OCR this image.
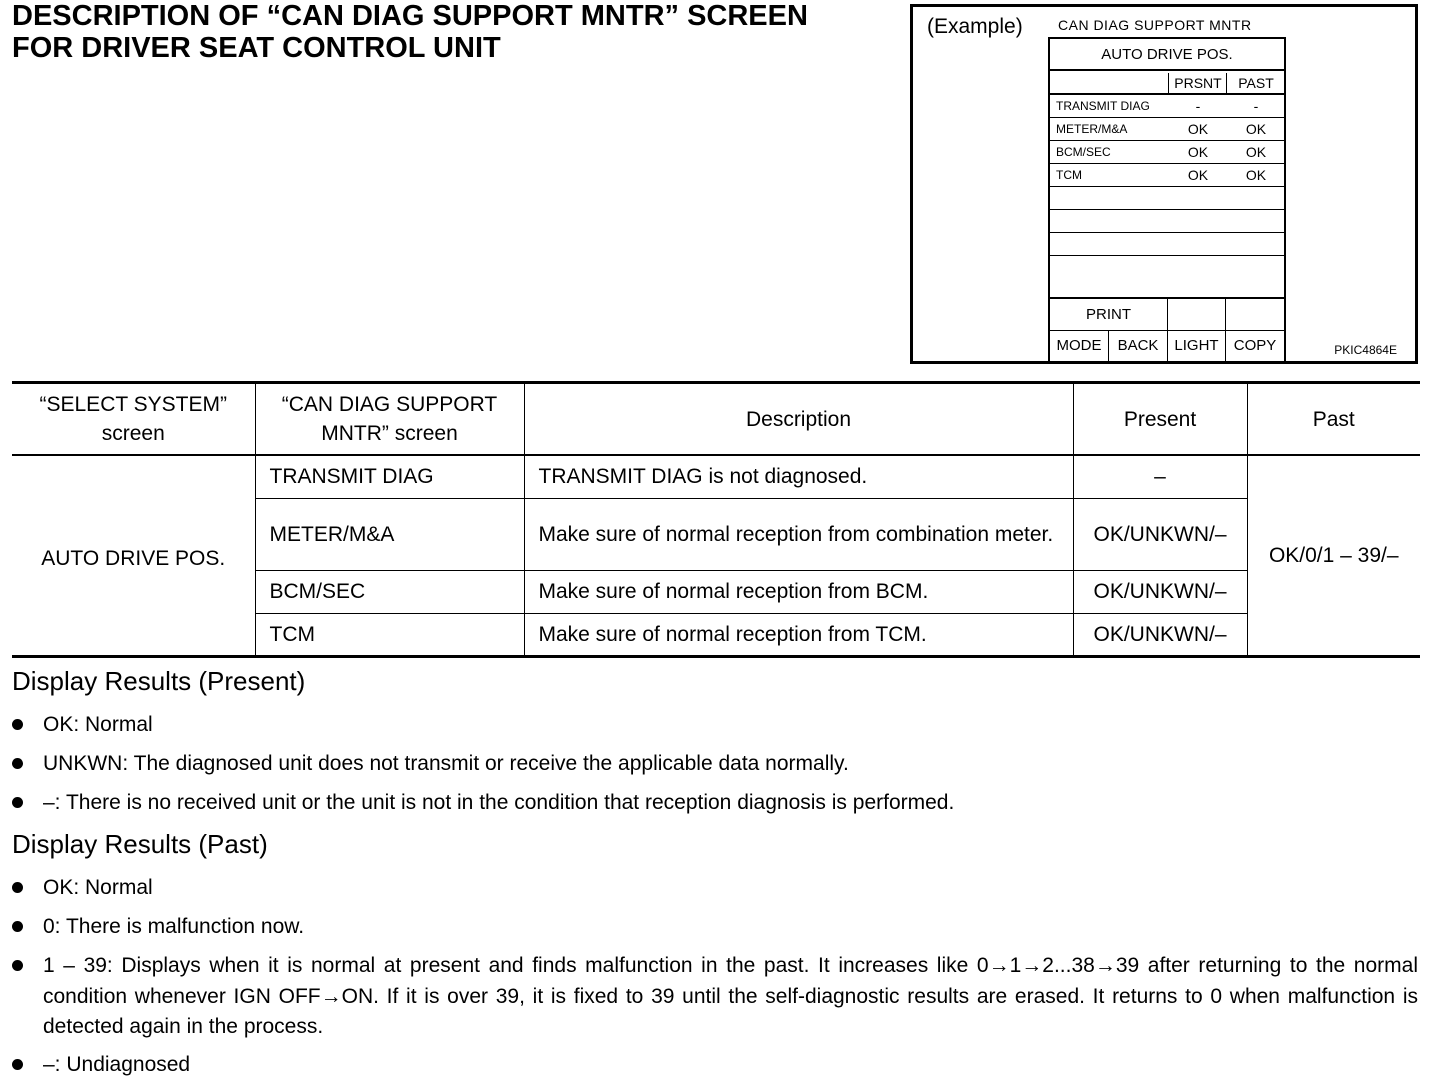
DESCRIPTION OF “CAN DIAG SUPPORT MNTR” SCREEN
FOR DRIVER SEAT CONTROL UNIT
(Example)	CAN DIAG SUPPORT MNTR
AUTO DRIVE POS.
PRSNT	PAST
TRANSMIT DIAG	-	-
METER/M&A	OK	OK
BCM/SEC	OK	OK
TCM	OK	OK
PRINT
MODE	BACK	LIGHT	COPY	PKIC4864E
“SELECT SYSTEM” screen	“CAN DIAG SUPPORT MNTR” screen	Description	Present	Past
AUTO DRIVE POS.	TRANSMIT DIAG	TRANSMIT DIAG is not diagnosed.	–	OK/0/1 – 39/–
	METER/M&A	Make sure of normal reception from combination meter.	OK/UNKWN/–	
	BCM/SEC	Make sure of normal reception from BCM.	OK/UNKWN/–	
	TCM	Make sure of normal reception from TCM.	OK/UNKWN/–	
Display Results (Present)
OK: Normal
UNKWN: The diagnosed unit does not transmit or receive the applicable data normally.
–: There is no received unit or the unit is not in the condition that reception diagnosis is performed.
Display Results (Past)
OK: Normal
0: There is malfunction now.
1 – 39: Displays when it is normal at present and finds malfunction in the past. It increases like 0→1→2...38→39 after returning to the normal condition whenever IGN OFF→ON. If it is over 39, it is fixed to 39 until the self-diagnostic results are erased. It returns to 0 when malfunction is detected again in the process.
–: Undiagnosed
